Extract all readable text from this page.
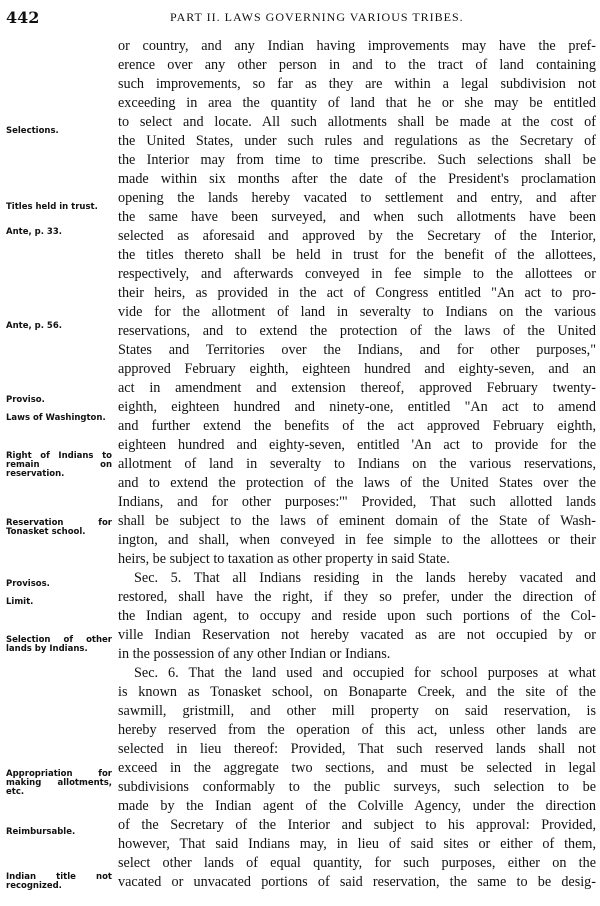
442	PART II. LAWS GOVERNING VARIOUS TRIBES.
or country, and any Indian having improvements may have the pref-
erence over any other person in and to the tract of land containing
such improvements, so far as they are within a legal subdivision not
exceeding in area the quantity of land that he or she may be entitled
to select and locate. All such allotments shall be made at the cost of
the United States, under such rules and regulations as the Secretary of
the Interior may from time to time prescribe. Such selections shall be
made within six months after the date of the President's proclamation
opening the lands hereby vacated to settlement and entry, and after
the same have been surveyed, and when such allotments have been
selected as aforesaid and approved by the Secretary of the Interior,
the titles thereto shall be held in trust for the benefit of the allottees,
respectively, and afterwards conveyed in fee simple to the allottees or
their heirs, as provided in the act of Congress entitled "An act to pro-
vide for the allotment of land in severalty to Indians on the various
reservations, and to extend the protection of the laws of the United
States and Territories over the Indians, and for other purposes,"
approved February eighth, eighteen hundred and eighty-seven, and an
act in amendment and extension thereof, approved February twenty-
eighth, eighteen hundred and ninety-one, entitled "An act to amend
and further extend the benefits of the act approved February eighth,
eighteen hundred and eighty-seven, entitled 'An act to provide for the
allotment of land in severalty to Indians on the various reservations,
and to extend the protection of the laws of the United States over the
Indians, and for other purposes:'" Provided, That such allotted lands
shall be subject to the laws of eminent domain of the State of Wash-
ington, and shall, when conveyed in fee simple to the allottees or their
heirs, be subject to taxation as other property in said State.
Sec. 5. That all Indians residing in the lands hereby vacated and
restored, shall have the right, if they so prefer, under the direction of
the Indian agent, to occupy and reside upon such portions of the Col-
ville Indian Reservation not hereby vacated as are not occupied by or
in the possession of any other Indian or Indians.
Sec. 6. That the land used and occupied for school purposes at what
is known as Tonasket school, on Bonaparte Creek, and the site of the
sawmill, gristmill, and other mill property on said reservation, is
hereby reserved from the operation of this act, unless other lands are
selected in lieu thereof: Provided, That such reserved lands shall not
exceed in the aggregate two sections, and must be selected in legal
subdivisions conformably to the public surveys, such selection to be
made by the Indian agent of the Colville Agency, under the direction
of the Secretary of the Interior and subject to his approval: Provided,
however, That said Indians may, in lieu of said sites or either of them,
select other lands of equal quantity, for such purposes, either on the
vacated or unvacated portions of said reservation, the same to be desig-
Selections.
Titles held in trust.
Ante, p. 33.
Ante, p. 56.
Proviso.
Laws of Washington.
Right of Indians to remain on reservation.
Reservation for Tonasket school.
Provisos.
Limit.
Selection of other lands by Indians.
Appropriation for making allotments, etc.
Reimbursable.
Indian title not recognized.
